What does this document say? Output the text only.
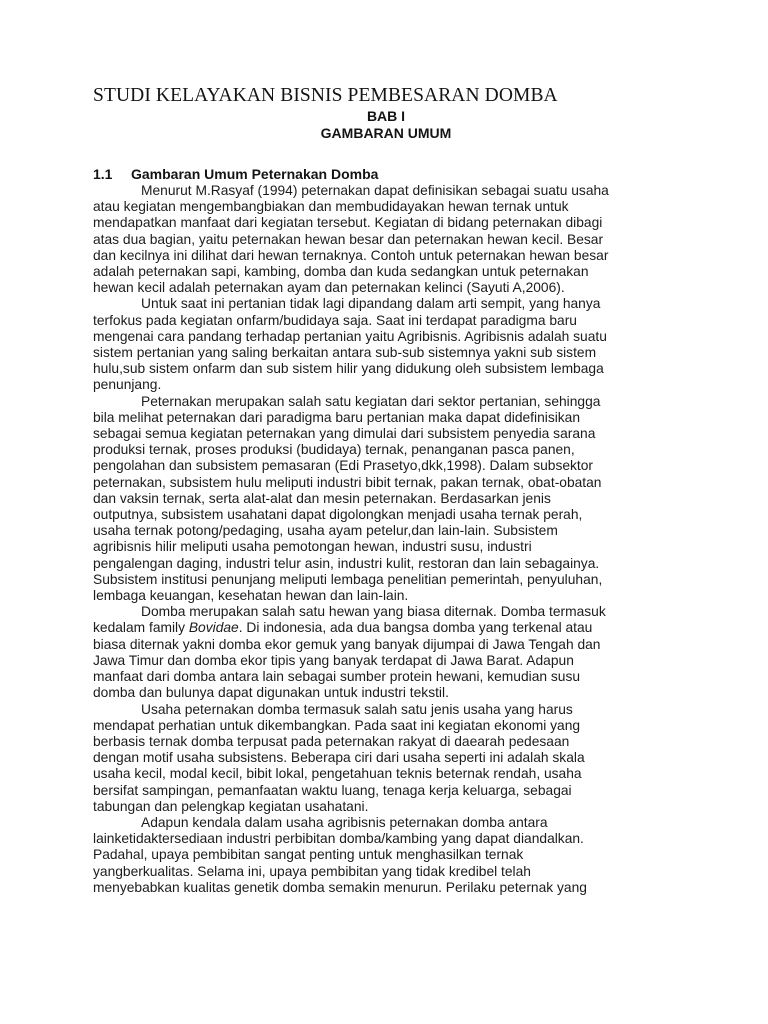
STUDI KELAYAKAN BISNIS PEMBESARAN DOMBA
BAB I
GAMBARAN UMUM
1.1 Gambaran Umum Peternakan Domba

Menurut M.Rasyaf (1994) peternakan dapat definisikan sebagai suatu usaha
atau kegiatan mengembangbiakan dan membudidayakan hewan ternak untuk
mendapatkan manfaat dari kegiatan tersebut. Kegiatan di bidang peternakan dibagi
atas dua bagian, yaitu peternakan hewan besar dan peternakan hewan kecil. Besar
dan kecilnya ini dilihat dari hewan ternaknya. Contoh untuk peternakan hewan besar
adalah peternakan sapi, kambing, domba dan kuda sedangkan untuk peternakan
hewan kecil adalah peternakan ayam dan peternakan kelinci (Sayuti A,2006).

Untuk saat ini pertanian tidak lagi dipandang dalam arti sempit, yang hanya
terfokus pada kegiatan onfarm/budidaya saja. Saat ini terdapat paradigma baru
mengenai cara pandang terhadap pertanian yaitu Agribisnis. Agribisnis adalah suatu
sistem pertanian yang saling berkaitan antara sub-sub sistemnya yakni sub sistem
hulu,sub sistem onfarm dan sub sistem hilir yang didukung oleh subsistem lembaga
penunjang.

Peternakan merupakan salah satu kegiatan dari sektor pertanian, sehingga
bila melihat peternakan dari paradigma baru pertanian maka dapat didefinisikan
sebagai semua kegiatan peternakan yang dimulai dari subsistem penyedia sarana
produksi ternak, proses produksi (budidaya) ternak, penanganan pasca panen,
pengolahan dan subsistem pemasaran (Edi Prasetyo,dkk,1998). Dalam subsektor
peternakan, subsistem hulu meliputi industri bibit ternak, pakan ternak, obat-obatan
dan vaksin ternak, serta alat-alat dan mesin peternakan. Berdasarkan jenis
outputnya, subsistem usahatani dapat digolongkan menjadi usaha ternak perah,
usaha ternak potong/pedaging, usaha ayam petelur,dan lain-lain. Subsistem
agribisnis hilir meliputi usaha pemotongan hewan, industri susu, industri
pengalengan daging, industri telur asin, industri kulit, restoran dan lain sebagainya.
Subsistem institusi penunjang meliputi lembaga penelitian pemerintah, penyuluhan,
lembaga keuangan, kesehatan hewan dan lain-lain.

Domba merupakan salah satu hewan yang biasa diternak. Domba termasuk
kedalam family Bovidae. Di indonesia, ada dua bangsa domba yang terkenal atau
biasa diternak yakni domba ekor gemuk yang banyak dijumpai di Jawa Tengah dan
Jawa Timur dan domba ekor tipis yang banyak terdapat di Jawa Barat. Adapun
manfaat dari domba antara lain sebagai sumber protein hewani, kemudian susu
domba dan bulunya dapat digunakan untuk industri tekstil.

Usaha peternakan domba termasuk salah satu jenis usaha yang harus
mendapat perhatian untuk dikembangkan. Pada saat ini kegiatan ekonomi yang
berbasis ternak domba terpusat pada peternakan rakyat di daearah pedesaan
dengan motif usaha subsistens. Beberapa ciri dari usaha seperti ini adalah skala
usaha kecil, modal kecil, bibit lokal, pengetahuan teknis beternak rendah, usaha
bersifat sampingan, pemanfaatan waktu luang, tenaga kerja keluarga, sebagai
tabungan dan pelengkap kegiatan usahatani.

Adapun kendala dalam usaha agribisnis peternakan domba antara
lainketidaktersediaan industri perbibitan domba/kambing yang dapat diandalkan.
Padahal, upaya pembibitan sangat penting untuk menghasilkan ternak
yangberkualitas. Selama ini, upaya pembibitan yang tidak kredibel telah
menyebabkan kualitas genetik domba semakin menurun. Perilaku peternak yang
